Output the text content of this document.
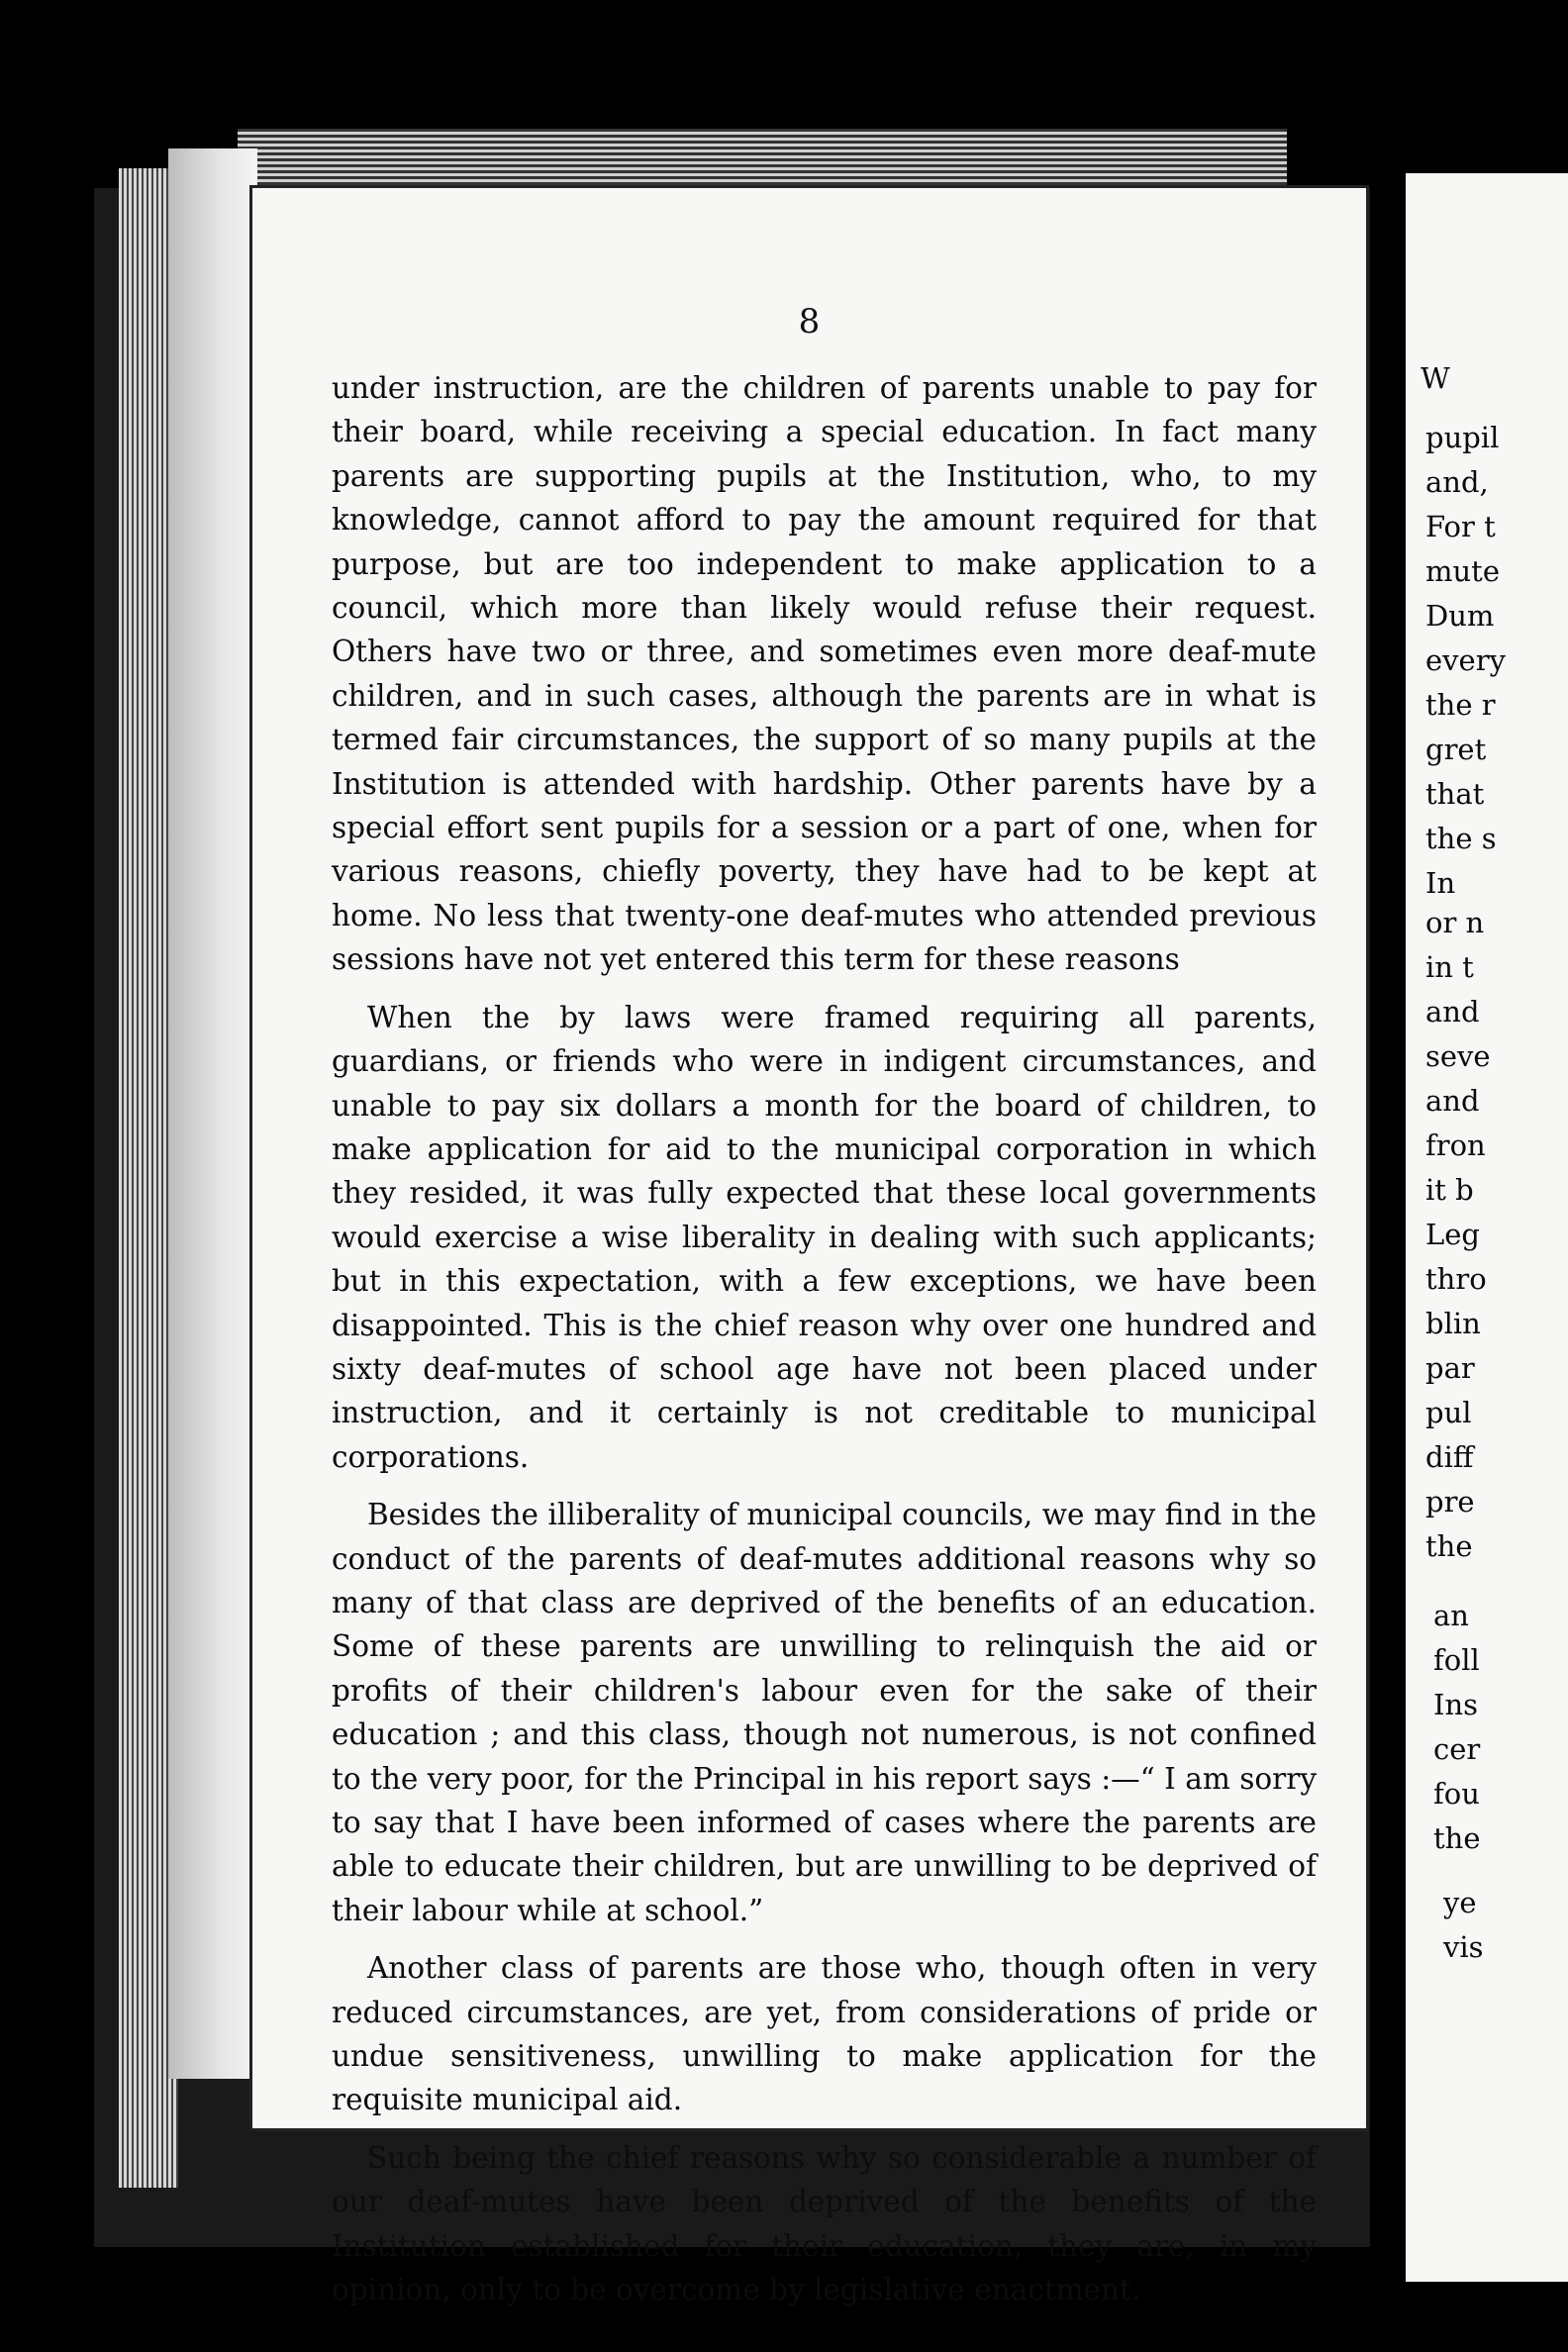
8

under instruction, are the children of parents unable to pay for their board, while receiving a special education. In fact many parents are supporting pupils at the Institution, who, to my knowledge, cannot afford to pay the amount required for that purpose, but are too independent to make application to a council, which more than likely would refuse their request. Others have two or three, and sometimes even more deaf-mute children, and in such cases, although the parents are in what is termed fair circumstances, the support of so many pupils at the Institution is attended with hardship. Other parents have by a special effort sent pupils for a session or a part of one, when for various reasons, chiefly poverty, they have had to be kept at home. No less that twenty-one deaf-mutes who attended previous sessions have not yet entered this term for these reasons

When the by laws were framed requiring all parents, guardians, or friends who were in indigent circumstances, and unable to pay six dollars a month for the board of children, to make application for aid to the municipal corporation in which they resided, it was fully expected that these local governments would exercise a wise liberality in dealing with such applicants; but in this expectation, with a few exceptions, we have been disappointed. This is the chief reason why over one hundred and sixty deaf-mutes of school age have not been placed under instruction, and it certainly is not creditable to municipal corporations.

Besides the illiberality of municipal councils, we may find in the conduct of the parents of deaf-mutes additional reasons why so many of that class are deprived of the benefits of an education. Some of these parents are unwilling to relinquish the aid or profits of their children's labour even for the sake of their education ; and this class, though not numerous, is not confined to the very poor, for the Principal in his report says :—“ I am sorry to say that I have been informed of cases where the parents are able to educate their children, but are unwilling to be deprived of their labour while at school.”

Another class of parents are those who, though often in very reduced circumstances, are yet, from considerations of pride or undue sensitiveness, unwilling to make application for the requisite municipal aid.

Such being the chief reasons why so considerable a number of our deaf-mutes have been deprived of the benefits of the Institution established for their education, they are, in my opinion, only to be overcome by legislative enactment.

W
pupil
and,
For t
mute
Dum
every
the r
gret
that
the s
In
or n
in t
and
seve
and
fron
it b
Leg
thro
blin
par
pul
diff
pre
the
an
foll
Ins
cer
fou
the
ye
vis
